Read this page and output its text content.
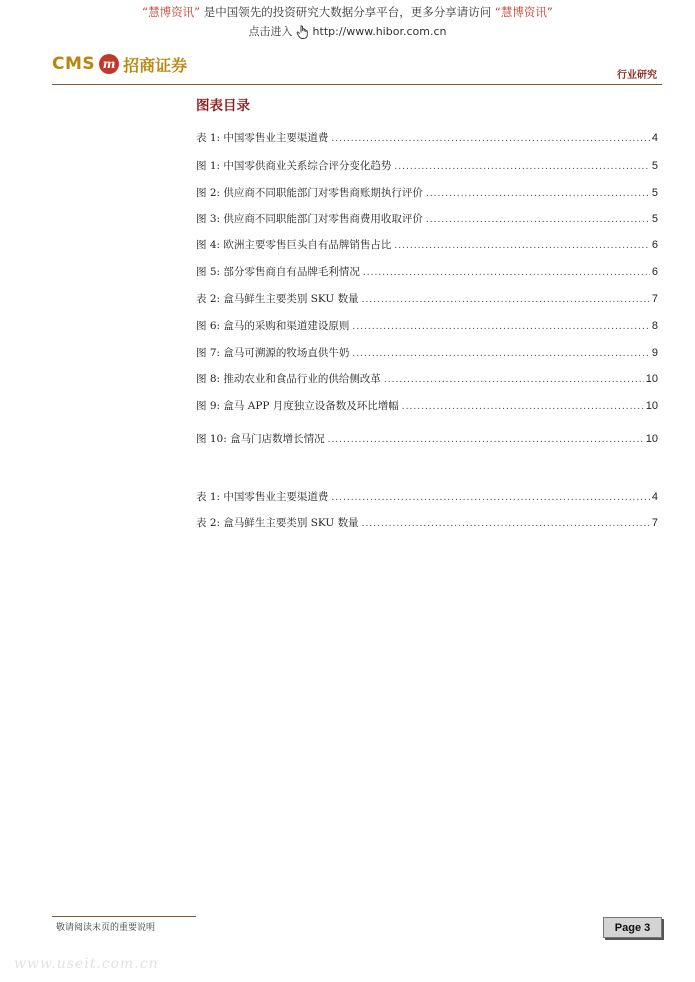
“慧博资讯” 是中国领先的投资研究大数据分享平台，更多分享请访问 “慧博资讯”
点击进入 http://www.hibor.com.cn
CMS m 招商证券
行业研究
图表目录
表 1: 中国零售业主要渠道费 .....	4
图 1: 中国零供商业关系综合评分变化趋势 .....	5
图 2: 供应商不同职能部门对零售商账期执行评价 .....	5
图 3: 供应商不同职能部门对零售商费用收取评价 .....	5
图 4: 欧洲主要零售巨头自有品牌销售占比 .....	6
图 5: 部分零售商自有品牌毛利情况 .....	6
表 2: 盒马鲜生主要类别 SKU 数量 .....	7
图 6: 盒马的采购和渠道建设原则 .....	8
图 7: 盒马可溯源的牧场直供牛奶 .....	9
图 8: 推动农业和食品行业的供给侧改革 .....	10
图 9: 盒马 APP 月度独立设备数及环比增幅 .....	10
图 10: 盒马门店数增长情况 .....	10
表 1: 中国零售业主要渠道费 .....	4
表 2: 盒马鲜生主要类别 SKU 数量 .....	7
敬请阅读末页的重要说明	Page 3
www.useit.com.cn
